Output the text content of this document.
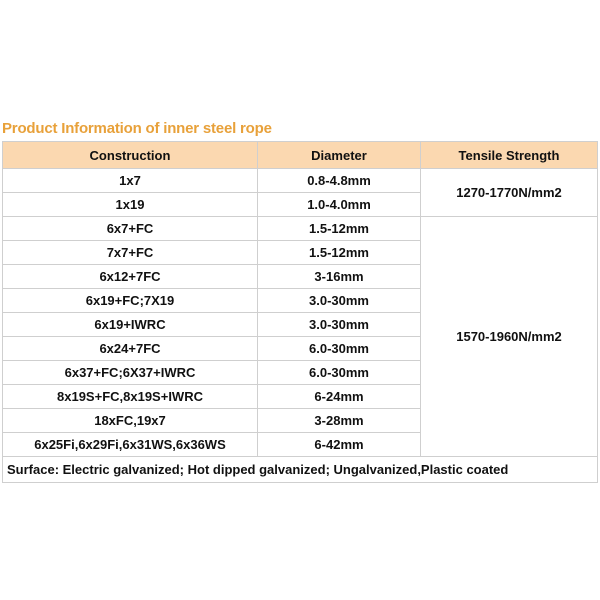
Product Information of inner steel rope
Construction	Diameter	Tensile Strength
1x7	0.8-4.8mm	1270-1770N/mm2
1x19	1.0-4.0mm	
6x7+FC	1.5-12mm	1570-1960N/mm2
7x7+FC	1.5-12mm	
6x12+7FC	3-16mm	
6x19+FC;7X19	3.0-30mm	
6x19+IWRC	3.0-30mm	
6x24+7FC	6.0-30mm	
6x37+FC;6X37+IWRC	6.0-30mm	
8x19S+FC,8x19S+IWRC	6-24mm	
18xFC,19x7	3-28mm	
6x25Fi,6x29Fi,6x31WS,6x36WS	6-42mm	
Surface: Electric galvanized; Hot dipped galvanized; Ungalvanized,Plastic coated		
